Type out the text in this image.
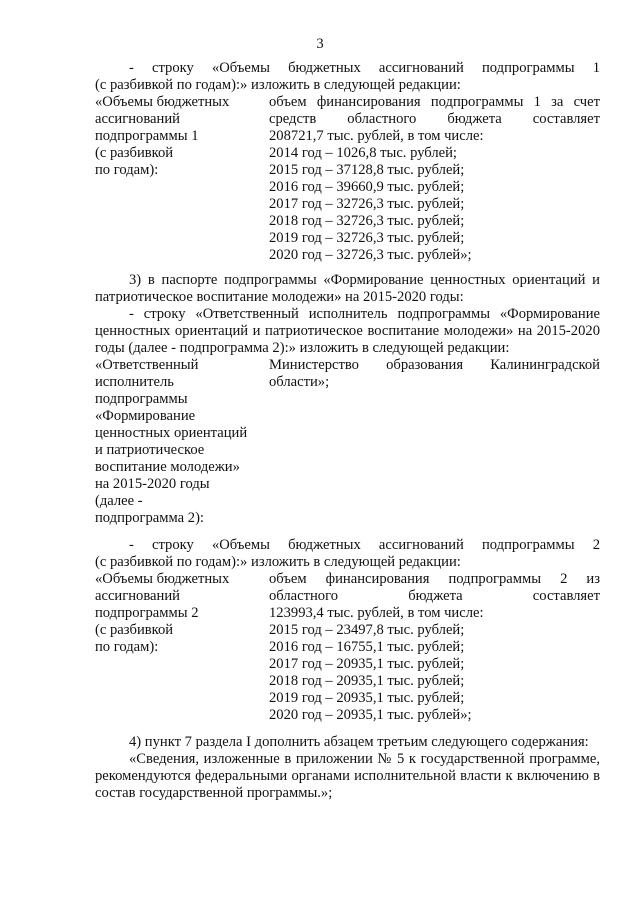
3
- строку «Объемы бюджетных ассигнований подпрограммы 1
(с разбивкой по годам):» изложить в следующей редакции:
«Объемы бюджетных
ассигнований
подпрограммы 1
(с разбивкой
по годам):
объем финансирования подпрограммы 1 за счет
средств областного бюджета составляет
208721,7 тыс. рублей, в том числе:
2014 год – 1026,8 тыс. рублей;
2015 год – 37128,8 тыс. рублей;
2016 год – 39660,9 тыс. рублей;
2017 год – 32726,3 тыс. рублей;
2018 год – 32726,3 тыс. рублей;
2019 год – 32726,3 тыс. рублей;
2020 год – 32726,3 тыс. рублей»;
3) в паспорте подпрограммы «Формирование ценностных ориентаций и патриотическое воспитание молодежи» на 2015-2020 годы:
- строку «Ответственный исполнитель подпрограммы «Формирование ценностных ориентаций и патриотическое воспитание молодежи» на 2015-2020 годы (далее - подпрограмма 2):» изложить в следующей редакции:
«Ответственный
исполнитель
подпрограммы
«Формирование
ценностных ориентаций
и патриотическое
воспитание молодежи»
на 2015-2020 годы
(далее -
подпрограмма 2):
Министерство образования Калининградской
области»;
- строку «Объемы бюджетных ассигнований подпрограммы 2
(с разбивкой по годам):» изложить в следующей редакции:
«Объемы бюджетных
ассигнований
подпрограммы 2
(с разбивкой
по годам):
объем финансирования подпрограммы 2 из
областного бюджета составляет
123993,4 тыс. рублей, в том числе:
2015 год – 23497,8 тыс. рублей;
2016 год – 16755,1 тыс. рублей;
2017 год – 20935,1 тыс. рублей;
2018 год – 20935,1 тыс. рублей;
2019 год – 20935,1 тыс. рублей;
2020 год – 20935,1 тыс. рублей»;
4) пункт 7 раздела I дополнить абзацем третьим следующего содержания:
«Сведения, изложенные в приложении № 5 к государственной программе, рекомендуются федеральными органами исполнительной власти к включению в состав государственной программы.»;
